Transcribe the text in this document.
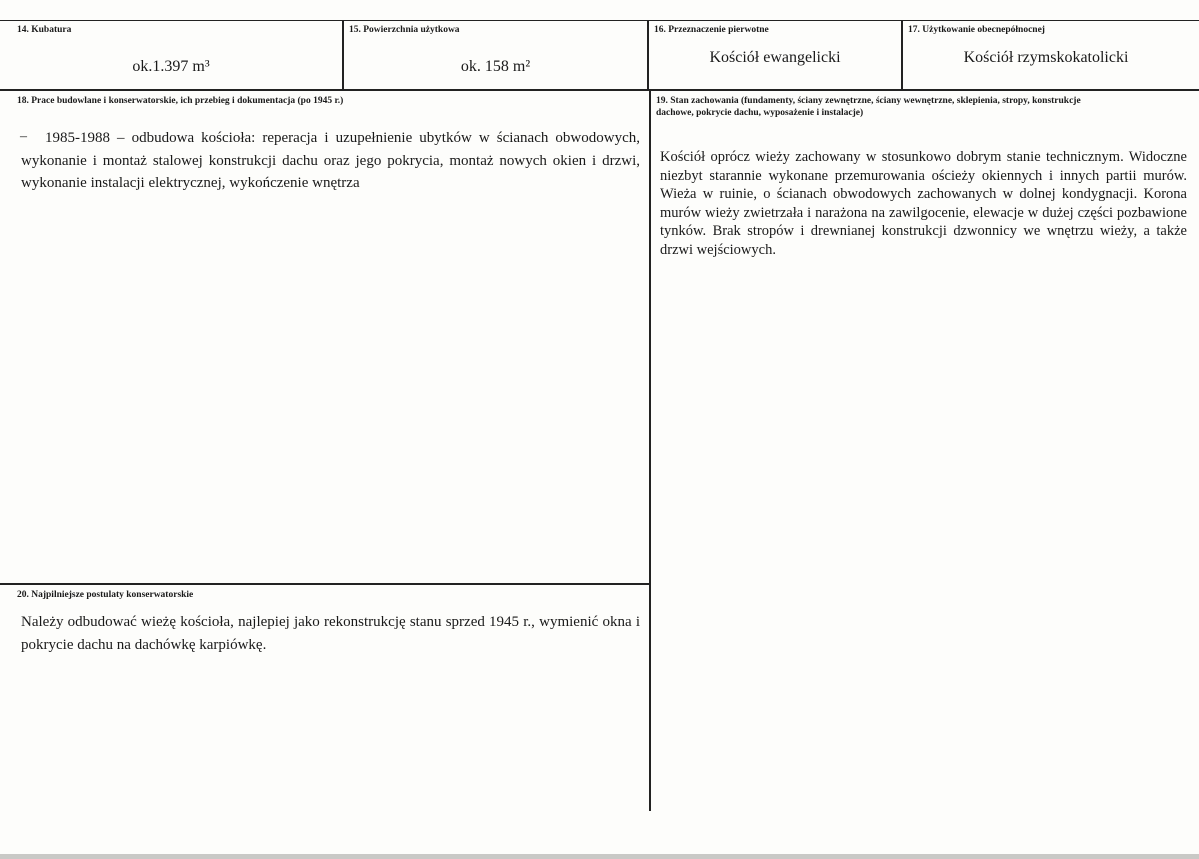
14. Kubatura
ok.1.397 m³
15. Powierzchnia użytkowa
ok. 158 m²
16. Przeznaczenie pierwotne
Kościół ewangelicki
17. Użytkowanie obecnepółnocnej
Kościół rzymskokatolicki
18. Prace budowlane i konserwatorskie, ich przebieg i dokumentacja (po 1945 r.)
–	1985-1988 – odbudowa kościoła: reperacja i uzupełnienie ubytków w ścianach obwodowych, wykonanie i montaż stalowej konstrukcji dachu oraz jego pokrycia, montaż nowych okien i drzwi, wykonanie instalacji elektrycznej, wykończenie wnętrza
19. Stan zachowania (fundamenty, ściany zewnętrzne, ściany wewnętrzne, sklepienia, stropy, konstrukcje
dachowe, pokrycie dachu, wyposażenie i instalacje)
Kościół oprócz wieży zachowany w stosunkowo dobrym stanie technicznym. Widoczne niezbyt starannie wykonane przemurowania ościeży okiennych i innych partii murów. Wieża w ruinie, o ścianach obwodowych zachowanych w dolnej kondygnacji. Korona murów wieży zwietrzała i narażona na zawilgocenie, elewacje w dużej części pozbawione tynków. Brak stropów i drewnianej konstrukcji dzwonnicy we wnętrzu wieży, a także drzwi wejściowych.
20. Najpilniejsze postulaty konserwatorskie
Należy odbudować wieżę kościoła, najlepiej jako rekonstrukcję stanu sprzed 1945 r., wymienić okna i pokrycie dachu na dachówkę karpiówkę.
